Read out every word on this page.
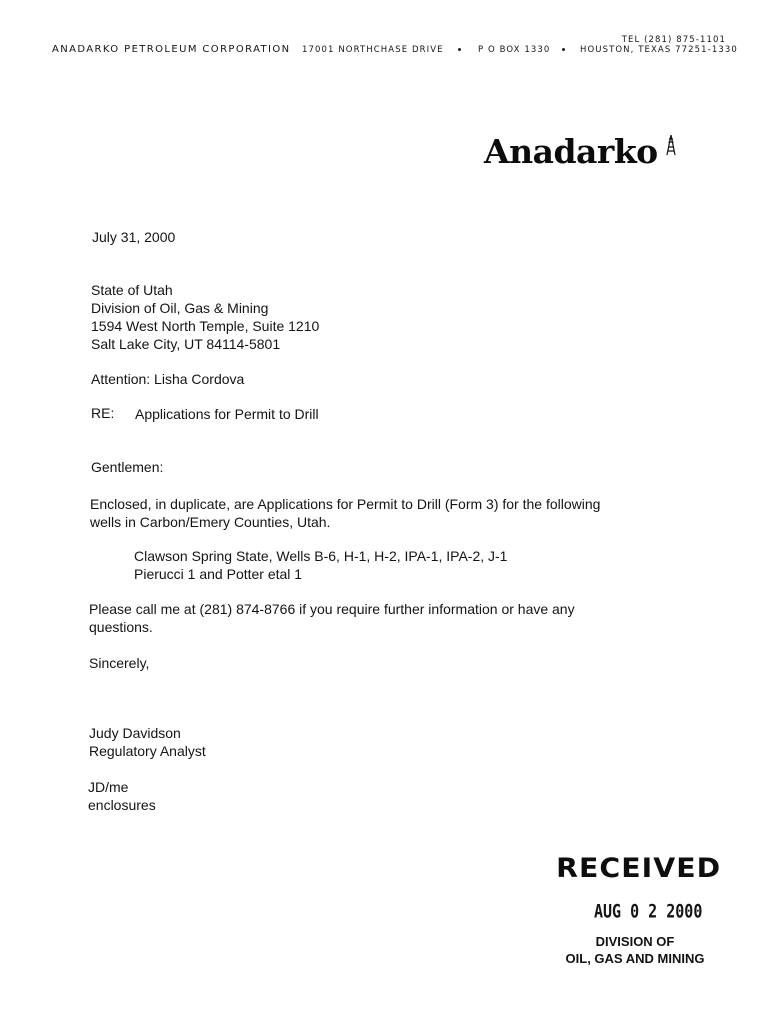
ANADARKO PETROLEUM CORPORATION 17001 NORTHCHASE DRIVE	P O BOX 1330	HOUSTON, TEXAS 77251-1330
TEL (281) 875-1101
Anadarko
July 31, 2000
State of Utah
Division of Oil, Gas & Mining
1594 West North Temple, Suite 1210
Salt Lake City, UT 84114-5801
Attention: Lisha Cordova
RE: Applications for Permit to Drill
Gentlemen:
Enclosed, in duplicate, are Applications for Permit to Drill (Form 3) for the following
wells in Carbon/Emery Counties, Utah.
Clawson Spring State, Wells B-6, H-1, H-2, IPA-1, IPA-2, J-1
Pierucci 1 and Potter etal 1
Please call me at (281) 874-8766 if you require further information or have any
questions.
Sincerely,
Judy Davidson
Regulatory Analyst
JD/me
enclosures
RECEIVED
AUG 0 2 2000
DIVISION OF
OIL, GAS AND MINING
